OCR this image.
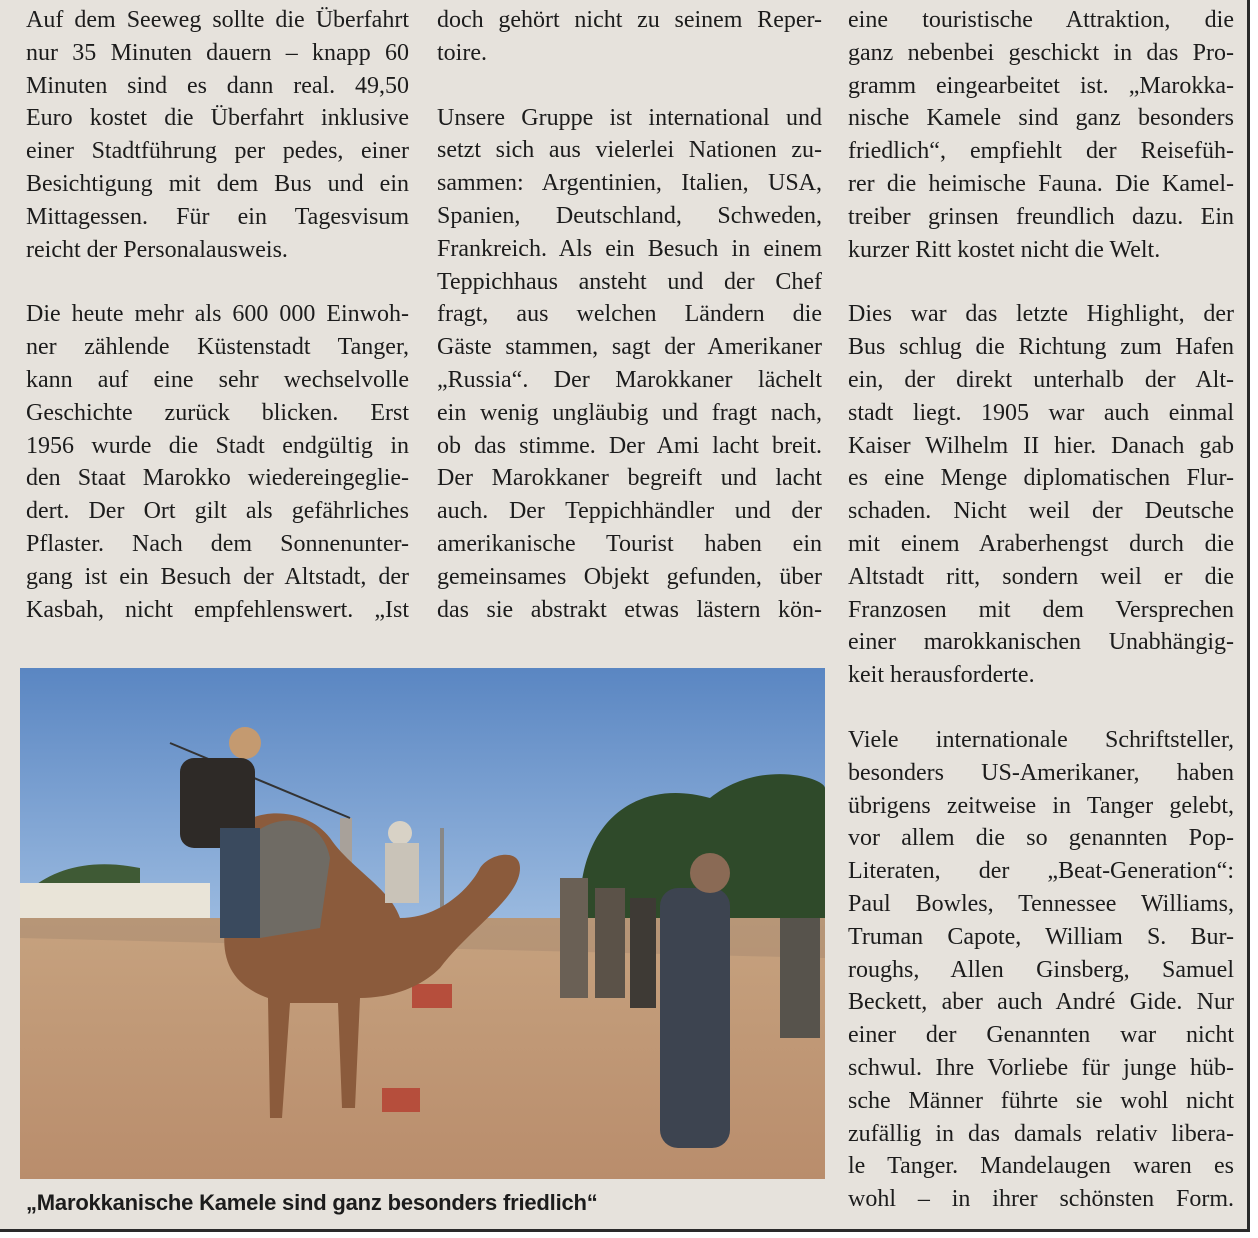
Auf dem Seeweg sollte die Überfahrt
nur 35 Minuten dauern – knapp 60
Minuten sind es dann real. 49,50
Euro kostet die Überfahrt inklusive
einer Stadtführung per pedes, einer
Besichtigung mit dem Bus und ein
Mittagessen. Für ein Tagesvisum
reicht der Personalausweis.

Die heute mehr als 600 000 Einwoh-
ner zählende Küstenstadt Tanger,
kann auf eine sehr wechselvolle
Geschichte zurück blicken. Erst
1956 wurde die Stadt endgültig in
den Staat Marokko wiedereingeglie-
dert. Der Ort gilt als gefährliches
Pflaster. Nach dem Sonnenunter-
gang ist ein Besuch der Altstadt, der
Kasbah, nicht empfehlenswert. „Ist

doch gehört nicht zu seinem Reper-
toire.

Unsere Gruppe ist international und
setzt sich aus vielerlei Nationen zu-
sammen: Argentinien, Italien, USA,
Spanien, Deutschland, Schweden,
Frankreich. Als ein Besuch in einem
Teppichhaus ansteht und der Chef
fragt, aus welchen Ländern die
Gäste stammen, sagt der Amerikaner
„Russia“. Der Marokkaner lächelt
ein wenig ungläubig und fragt nach,
ob das stimme. Der Ami lacht breit.
Der Marokkaner begreift und lacht
auch. Der Teppichhändler und der
amerikanische Tourist haben ein
gemeinsames Objekt gefunden, über
das sie abstrakt etwas lästern kön-

eine touristische Attraktion, die
ganz nebenbei geschickt in das Pro-
gramm eingearbeitet ist. „Marokka-
nische Kamele sind ganz besonders
friedlich“, empfiehlt der Reisefüh-
rer die heimische Fauna. Die Kamel-
treiber grinsen freundlich dazu. Ein
kurzer Ritt kostet nicht die Welt.

Dies war das letzte Highlight, der
Bus schlug die Richtung zum Hafen
ein, der direkt unterhalb der Alt-
stadt liegt. 1905 war auch einmal
Kaiser Wilhelm II hier. Danach gab
es eine Menge diplomatischen Flur-
schaden. Nicht weil der Deutsche
mit einem Araberhengst durch die
Altstadt ritt, sondern weil er die
Franzosen mit dem Versprechen
einer marokkanischen Unabhängig-
keit herausforderte.

Viele internationale Schriftsteller,
besonders US-Amerikaner, haben
übrigens zeitweise in Tanger gelebt,
vor allem die so genannten Pop-
Literaten, der „Beat-Generation“:
Paul Bowles, Tennessee Williams,
Truman Capote, William S. Bur-
roughs, Allen Ginsberg, Samuel
Beckett, aber auch André Gide. Nur
einer der Genannten war nicht
schwul. Ihre Vorliebe für junge hüb-
sche Männer führte sie wohl nicht
zufällig in das damals relativ libera-
le Tanger. Mandelaugen waren es
wohl – in ihrer schönsten Form.

„Marokkanische Kamele sind ganz besonders friedlich“
